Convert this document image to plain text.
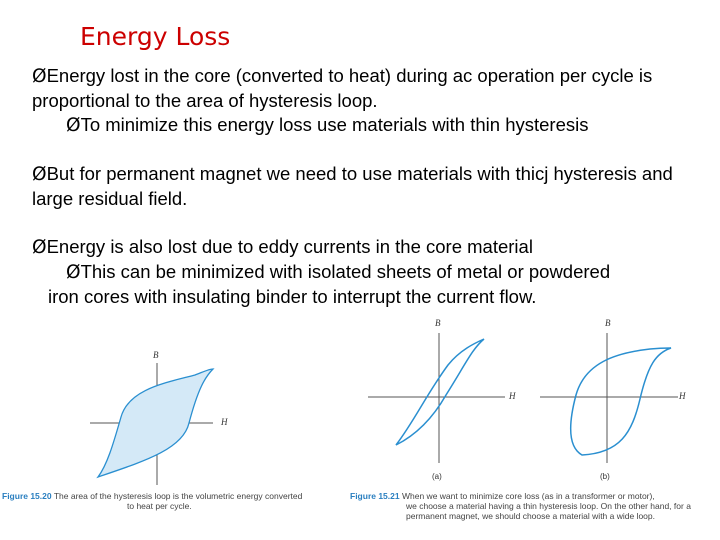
Energy Loss

ØEnergy lost in the core (converted to heat) during ac operation per cycle is proportional to the area of hysteresis loop.

ØTo minimize this energy loss use materials with thin hysteresis

ØBut for permanent magnet we need to use materials with thicj hysteresis and large residual field.

ØEnergy is also lost due to eddy currents in the core material

ØThis can be minimized with isolated sheets of metal or powdered
iron cores with insulating binder to interrupt the current flow.

B
H
Figure 15.20 The area of the hysteresis loop is the volumetric energy converted
to heat per cycle.
B
H
(a)
B
H
(b)
Figure 15.21 When we want to minimize core loss (as in a transformer or motor),
we choose a material having a thin hysteresis loop. On the other hand, for a
permanent magnet, we should choose a material with a wide loop.
